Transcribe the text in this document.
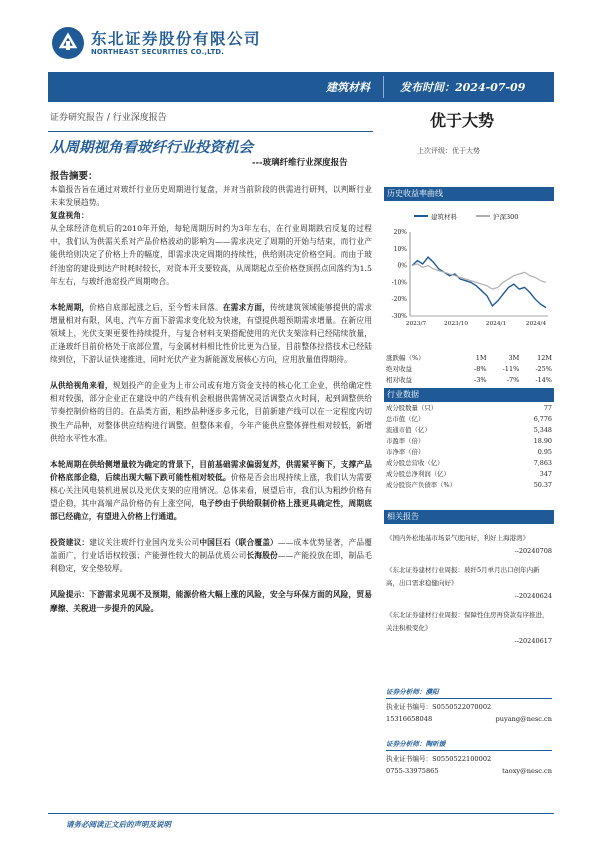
东北证券股份有限公司
NORTHEAST SECURITIES CO.,LTD.
建筑材料	发布时间：2024-07-09
证券研究报告 / 行业深度报告	优于大势
上次评级：优于大势
从周期视角看玻纤行业投资机会
---玻璃纤维行业深度报告
报告摘要：

本篇报告旨在通过对玻纤行业历史周期进行复盘，并对当前阶段的供需进行研判，以判断行业未来发展趋势。

复盘视角：

从全球经济危机后的2010年开始，每轮周期历时约为3年左右，在行业周期跌宕反复的过程中，我们认为供需关系对产品价格波动的影响为——需求决定了周期的开始与结束，而行业产能供给则决定了价格上升的幅度，即需求决定周期的持续性，供给则决定价格空间。而由于玻纤池窑的建设到达产时耗时较长，对资本开支要较高，从周期起点至价格登顶拐点回落约为1.5年左右，与玻纤池窑投产周期吻合。

本轮周期，价格自底部起涨之后，至今暂未回落。在需求方面，传统建筑领域能够提供的需求增量相对有限，风电、汽车方面下游需求变化较为快速，有望提供超预期需求增量。在新应用领域上，光伏支架更要性持续提升，与复合材料支架搭配使用的光伏支架涂料已经陆续放量，正逢玻纤目前价格处于底部位置，与金属材料相比性价比更为凸显，目前整体拉搭技术已经陆续到位，下游认证快速推进，同时光伏产业为新能源发展核心方向，应用放量值得期待。

从供给视角来看，规划投产的企业为上市公司或有地方资金支持的核心化工企业，供给确定性相对较强，部分企业正在建设中的产线有机会根据供需情况灵活调整点火时间，起到调整供给节奏控制价格的目的。在品类方面，粗纱品种逐步多元化，目前新建产线可以在一定程度内切换生产品种，对整体供应结构进行调整。但整体来看，今年产能供应整体弹性相对较低，新增供给水平性水准。

本轮周期在供给侧增量较为确定的背景下，目前基础需求偏弱复苏，供需紧平衡下，支撑产品价格底部企稳，后续出现大幅下跌可能性相对较低。价格是否会出现持续上涨，我们认为需要核心关注风电装机进展以及光伏支架的应用情况。总体来看，展望后市，我们认为粗纱价格有望企稳，其中高端产品价格仍有上涨空间，电子纱由于供给限制价格上涨更具确定性，周期底部已经确立，有望进入价格上行通道。

投资建议：建议关注玻纤行业国内龙头公司中国巨石（联合覆盖）——成本优势显著，产品覆盖面广，行业话语权较强；产能弹性较大的制品优质公司长海股份——产能投放在即，制品毛利稳定，安全垫较厚。

风险提示：下游需求见现不及预期，能源价格大幅上涨的风险，安全与环保方面的风险，贸易摩擦、关税进一步提升的风险。

历史收益率曲线
建筑材料	沪深300
20%
10%
0%
-10%
-20%
-30%
2023/7	2023/10	2024/1	2024/4
涨跌幅（%）	1M	3M	12M
绝对收益	-8%	-11%	-25%
相对收益	-3%	-7%	-14%
行业数据
成分股数量（只）	77
总市值（亿）	6,776
流通市值（亿）	5,348
市盈率（倍）	18.90
市净率（倍）	0.95
成分股总营收（亿）	7,863
成分股总净利润（亿）	347
成分股资产负债率（%）	50.37
相关报告
《国内外松地基市场景气度向好，利好上海港湾》
--20240708
《东北证券建材行业周报：玻纤5月单月出口创年内新高，出口需求稳健向好》
--20240624
《东北证券建材行业周报：保障性住房再贷款有序推进，关注积极变化》
--20240617
证券分析师：濮阳
执业证书编号：S0550522070002
15316658048	puyang@nesc.cn
证券分析师：陶昕媛
执业证书编号：S0550522100002
0755-33975865	taoxy@nesc.cn
请务必阅读正文后的声明及说明
